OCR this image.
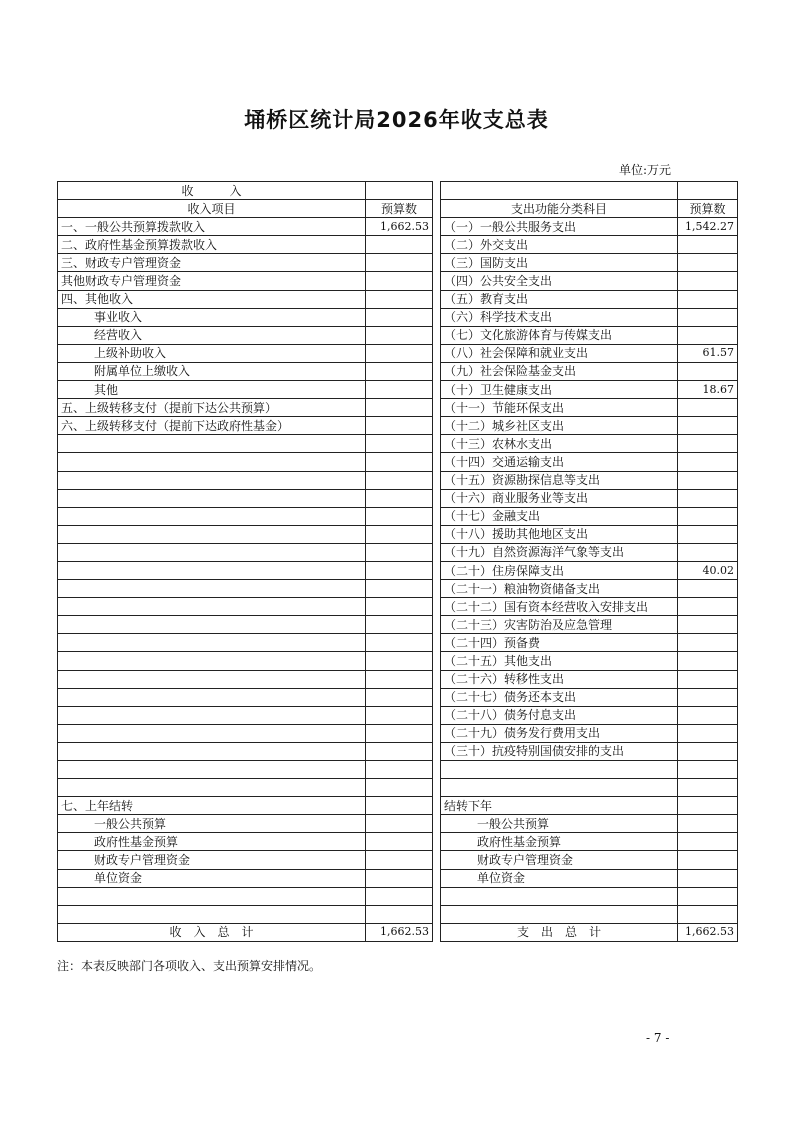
埇桥区统计局2026年收支总表
单位:万元
收　　　入				
收入项目	预算数		支出功能分类科目	预算数
一、一般公共预算拨款收入	1,662.53		（一）一般公共服务支出	1,542.27
二、政府性基金预算拨款收入			（二）外交支出	
三、财政专户管理资金			（三）国防支出	
其他财政专户管理资金			（四）公共安全支出	
四、其他收入			（五）教育支出	
事业收入			（六）科学技术支出	
经营收入			（七）文化旅游体育与传媒支出	
上级补助收入			（八）社会保障和就业支出	61.57
附属单位上缴收入			（九）社会保险基金支出	
其他			（十）卫生健康支出	18.67
五、上级转移支付（提前下达公共预算）			（十一）节能环保支出	
六、上级转移支付（提前下达政府性基金）			（十二）城乡社区支出	
			（十三）农林水支出	
			（十四）交通运输支出	
			（十五）资源勘探信息等支出	
			（十六）商业服务业等支出	
			（十七）金融支出	
			（十八）援助其他地区支出	
			（十九）自然资源海洋气象等支出	
			（二十）住房保障支出	40.02
			（二十一）粮油物资储备支出	
			（二十二）国有资本经营收入安排支出	
			（二十三）灾害防治及应急管理	
			（二十四）预备费	
			（二十五）其他支出	
			（二十六）转移性支出	
			（二十七）债务还本支出	
			（二十八）债务付息支出	
			（二十九）债务发行费用支出	
			（三十）抗疫特别国债安排的支出	

七、上年结转			结转下年	
一般公共预算			一般公共预算	
政府性基金预算			政府性基金预算	
财政专户管理资金			财政专户管理资金	
单位资金			单位资金	

收　入　总　计	1,662.53		支　出　总　计	1,662.53
注：本表反映部门各项收入、支出预算安排情况。
- 7 -
